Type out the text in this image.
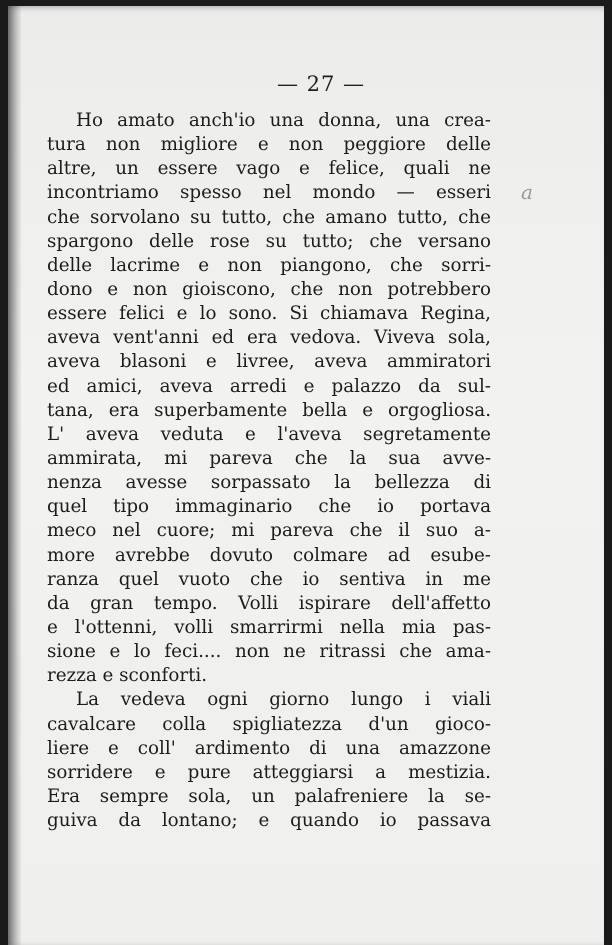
— 27 —
Ho amato anch'io una donna, una crea-
tura non migliore e non peggiore delle
altre, un essere vago e felice, quali ne
incontriamo spesso nel mondo — esseri
che sorvolano su tutto, che amano tutto, che
spargono delle rose su tutto; che versano
delle lacrime e non piangono, che sorri-
dono e non gioiscono, che non potrebbero
essere felici e lo sono. Si chiamava Regina,
aveva vent'anni ed era vedova. Viveva sola,
aveva blasoni e livree, aveva ammiratori
ed amici, aveva arredi e palazzo da sul-
tana, era superbamente bella e orgogliosa.
L' aveva veduta e l'aveva segretamente
ammirata, mi pareva che la sua avve-
nenza avesse sorpassato la bellezza di
quel tipo immaginario che io portava
meco nel cuore; mi pareva che il suo a-
more avrebbe dovuto colmare ad esube-
ranza quel vuoto che io sentiva in me
da gran tempo. Volli ispirare dell'affetto
e l'ottenni, volli smarrirmi nella mia pas-
sione e lo feci.... non ne ritrassi che ama-
rezza e sconforti.
La vedeva ogni giorno lungo i viali
cavalcare colla spigliatezza d'un gioco-
liere e coll' ardimento di una amazzone
sorridere e pure atteggiarsi a mestizia.
Era sempre sola, un palafreniere la se-
guiva da lontano; e quando io passava
a
